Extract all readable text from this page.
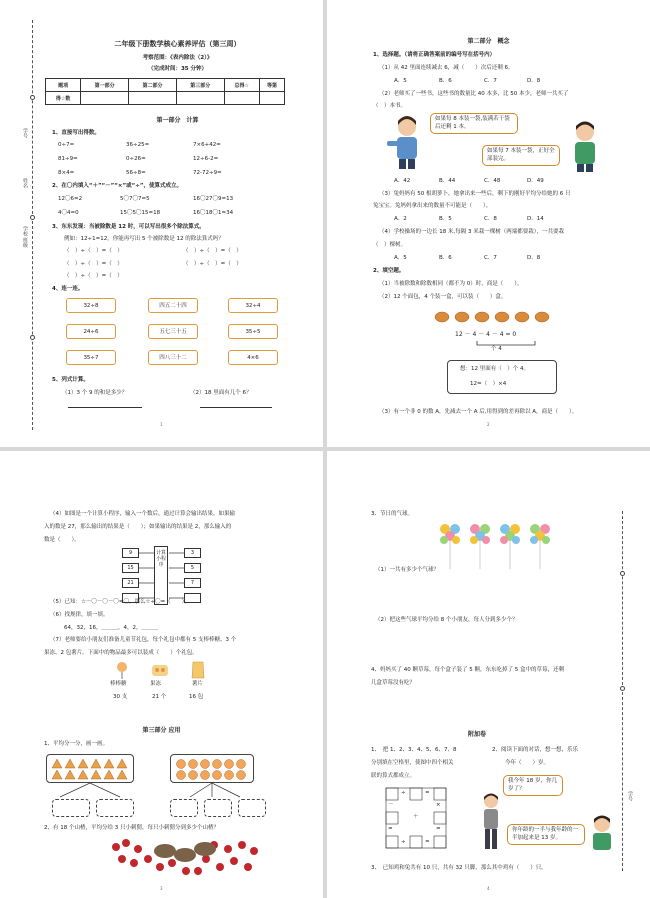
学号
姓名
学校 班级
二年级下册数学核心素养评估（第三周）
考察范围：《表内除法（2）》
（完成时间：35 分钟）
题项	第一部分	第二部分	第三部分	总得☆	等第
得☆数					
第一部分　计算
1、直接写出得数。
0÷7=	36÷25=	7×6+42=
81÷9=	0÷26=	12÷6-2=
8×4=	56÷8=	72-72÷9=
2、在〇内填入“＋”“－”“×”或“÷”，使算式成立。
12〇6=2	5〇7〇7=5	16〇27〇9=13
4〇4=0	15〇5〇15=18	16〇18〇1=34
3、东东发现：当被除数是 12 时，可以写出很多个除法算式。
例如：12÷1=12。你能再写出 5 个被除数是 12 的除法算式吗？
（　）÷（　）=（　）	（　）÷（　）=（　）
（　）÷（　）=（　）	（　）÷（　）=（　）
（　）÷（　）=（　）
4、连一连。
32÷8
24÷6
35÷7
四五二十四
五七三十五
四八三十二
32÷4
35÷5
4×6
5、列式计算。
（1）3 个 9 的和是多少？	（2）18 里面有几个 6？
1
第二部分　概念
1、选择题。（请将正确答案前的编号写在括号内）
（1）从 42 里面连续减去 6，减（　　）次后还剩 6。
A．5	B．6	C．7	D．8
（2）老师买了一些书，这些书的数量比 40 本多，比 50 本少，老师一共买了
（　）本书。
如果每 8 本装一袋,装满若干袋后还剩 1 本。
如果每 7 本装一袋，正好全部装完。
A．42	B．44	C．48	D．49
（3）兔妈妈有 50 根胡萝卜，她拿出来一些后，剩下的刚好平均分给她的 6 只
兔宝宝。兔妈妈拿出来的数量不可能是（　　）。
A．2	B．5	C．8	D．14
（4）学校操场的一边长 18 米,每隔 3 米栽一棵树（两端都要栽），一共要栽
（　）棵树。
A．5	B．6	C．7	D．8
2、填空题。
（1）当被除数和除数相同（都不为 0）时，商是（　　）。
（2）12 个面包，4 个装一盒，可以装（　　）盒。
12 － 4 － 4 － 4 = 0
个 4
想：12 里面有（　）个 4。
12=（　）×4
（3）有一个非 0 的数 A，先减去一个 A 后,用得到的差再除以 A，商是（　　）。
2
（4）如图是一个计算小程序，输入一个数后，通过计算会输出结果。如果输
入的数是 27，那么输出的结果是（　　）；如果输出的结果是 2，那么输入的
数是（　　）。
9
15
21
计算小程序
3
5
7
（5）已知：☆－〇－〇－〇=〇，那么☆÷〇=（　　）。
（6）找规律，填一填。
64，32，16，＿＿＿，4，2，＿＿＿
（7）老师要给小朋友们准备儿童节礼包，每个礼包中都有 5 支棒棒糖、3 个
果冻、2 包薯片。下面中的物品最多可以装成（　　）个礼包。
棒棒糖	果冻	薯片
30 支	21 个	16 包
第三部分 应用
1、平均分一分，画一画。
2、有 18 个山楂，平均分给 3 只小刺猬，每只小刺猬分到多少个山楂？
3
学号
3、节日的气球。
（1）一共有多少个气球？
（2）把这些气球平均分给 8 个小朋友，每人分到多少个？
4、妈妈买了 40 颗草莓，每个盒子装了 5 颗，东东吃掉了 5 盒中的草莓，还剩
几盒草莓没有吃？
附加卷
1、　把 1、2、3、4、5、6、7、8
分别填在空格里，使图中四个相关
联的算式都成立。
÷	=
－	×
=	=
÷	=
＋
2、阅读下面的对话，想一想，乐乐
今年（　　）岁。
我今年 18 岁，你几岁了？
你年龄的一半与我年龄的一半加起来是 13 岁。
3、　已知鸡和兔共有 10 只，共有 32 只脚，那么其中鸡有（　　）只。
4
